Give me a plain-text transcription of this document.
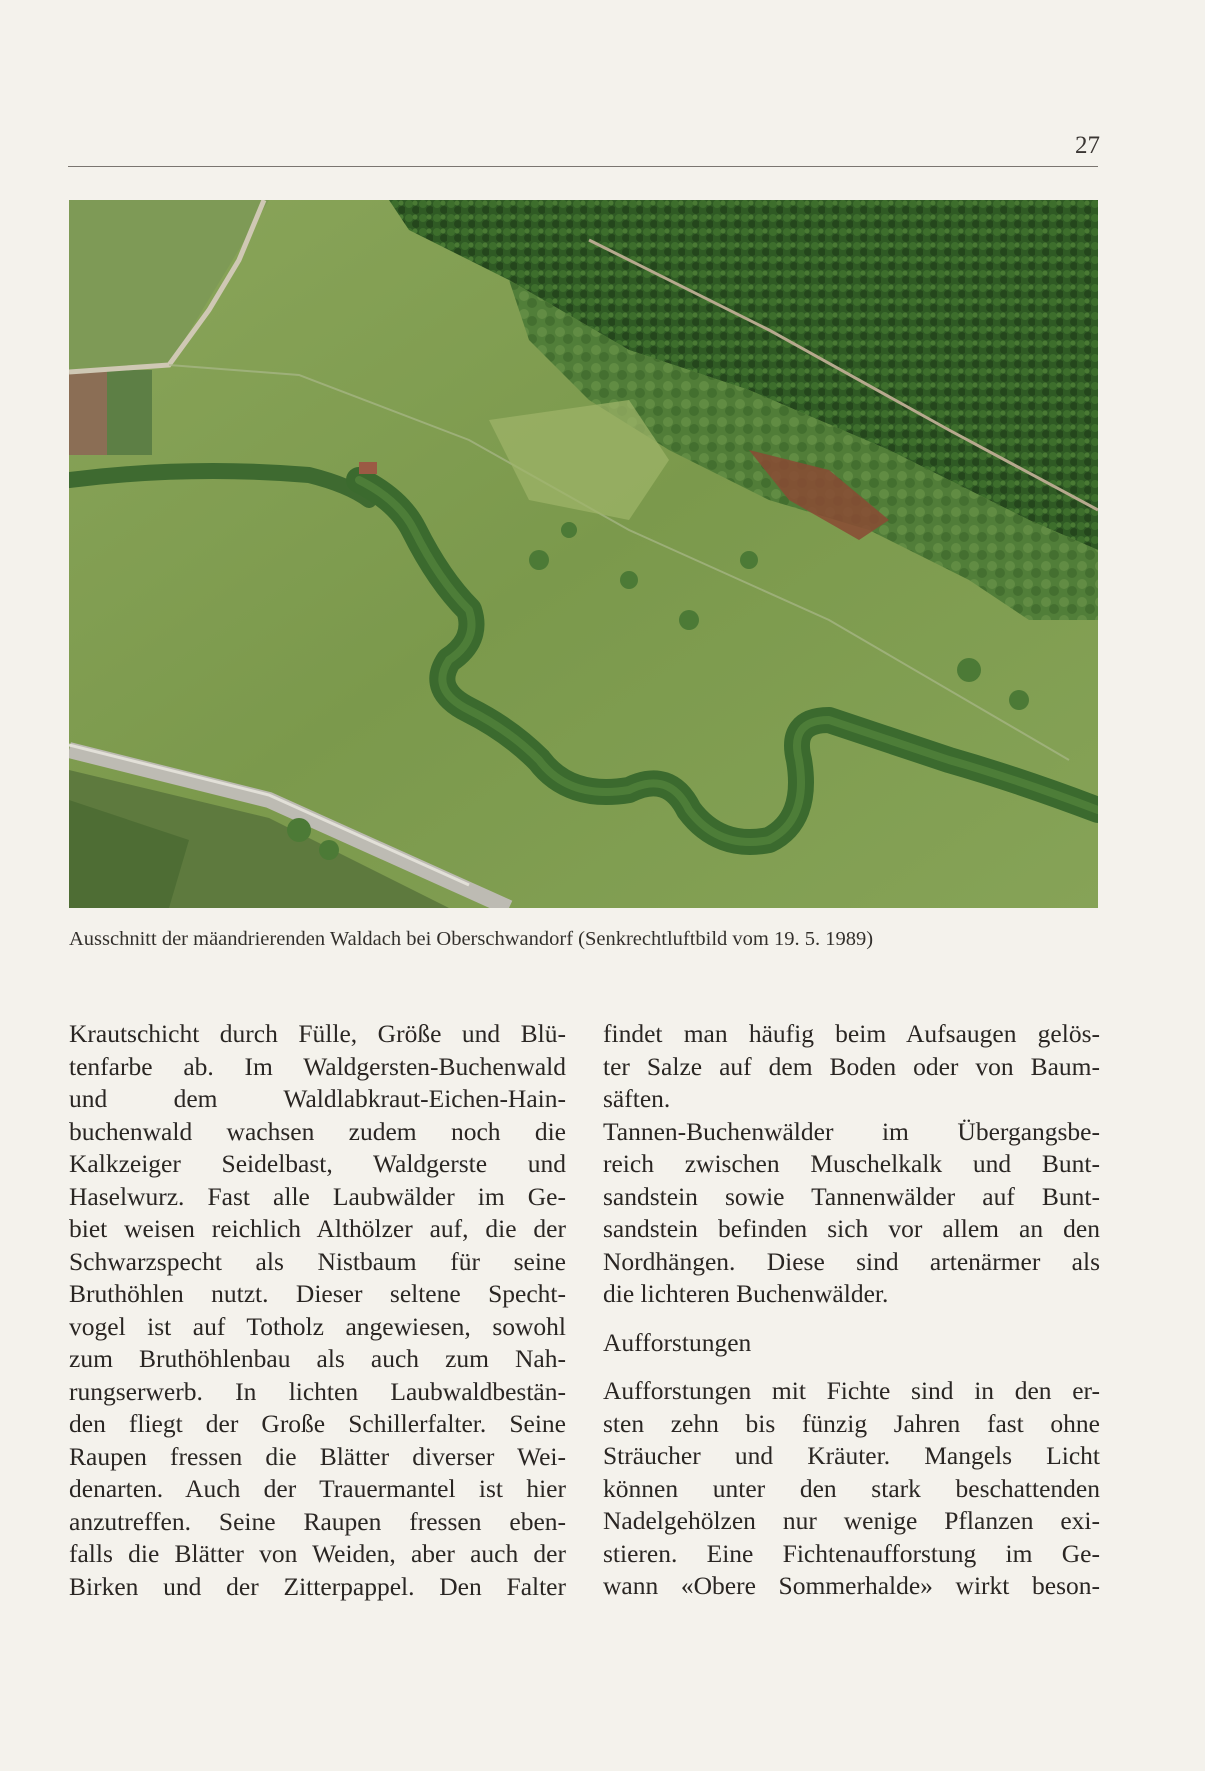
27
Ausschnitt der mäandrierenden Waldach bei Oberschwandorf (Senkrechtluftbild vom 19. 5. 1989)

Krautschicht durch Fülle, Größe und Blü-
tenfarbe ab. Im Waldgersten-Buchenwald
und dem Waldlabkraut-Eichen-Hain-
buchenwald wachsen zudem noch die
Kalkzeiger Seidelbast, Waldgerste und
Haselwurz. Fast alle Laubwälder im Ge-
biet weisen reichlich Althölzer auf, die der
Schwarzspecht als Nistbaum für seine
Bruthöhlen nutzt. Dieser seltene Specht-
vogel ist auf Totholz angewiesen, sowohl
zum Bruthöhlenbau als auch zum Nah-
rungserwerb. In lichten Laubwaldbestän-
den fliegt der Große Schillerfalter. Seine
Raupen fressen die Blätter diverser Wei-
denarten. Auch der Trauermantel ist hier
anzutreffen. Seine Raupen fressen eben-
falls die Blätter von Weiden, aber auch der
Birken und der Zitterpappel. Den Falter

findet man häufig beim Aufsaugen gelös-
ter Salze auf dem Boden oder von Baum-
säften.

Tannen-Buchenwälder im Übergangsbe-
reich zwischen Muschelkalk und Bunt-
sandstein sowie Tannenwälder auf Bunt-
sandstein befinden sich vor allem an den
Nordhängen. Diese sind artenärmer als
die lichteren Buchenwälder.

Aufforstungen

Aufforstungen mit Fichte sind in den er-
sten zehn bis fünzig Jahren fast ohne
Sträucher und Kräuter. Mangels Licht
können unter den stark beschattenden
Nadelgehölzen nur wenige Pflanzen exi-
stieren. Eine Fichtenaufforstung im Ge-
wann «Obere Sommerhalde» wirkt beson-
